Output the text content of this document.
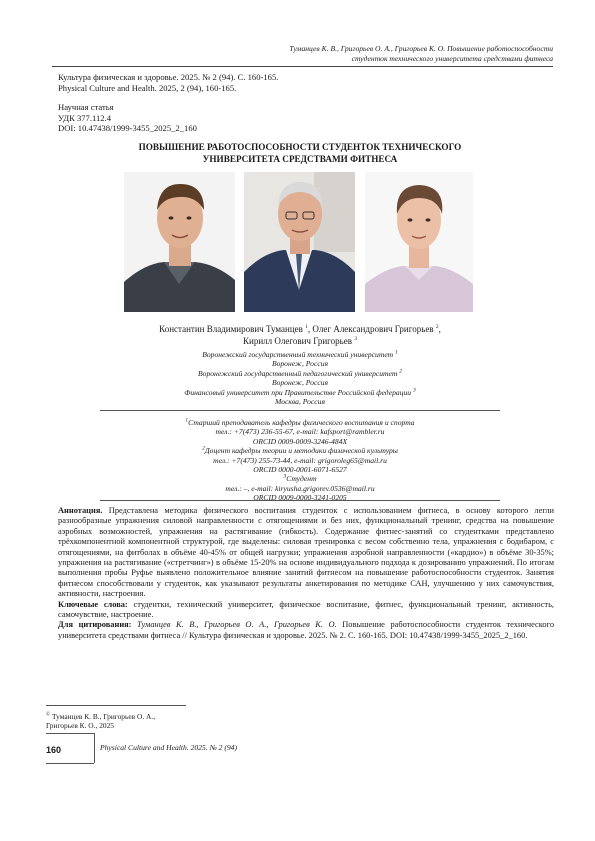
Туманцев К. В., Григорьев О. А., Григорьев К. О. Повышение работоспособности
студенток технического университета средствами фитнеса
Культура физическая и здоровье. 2025. № 2 (94). С. 160-165.
Physical Culture and Health. 2025, 2 (94), 160-165.
Научная статья
УДК 377.112.4
DOI: 10.47438/1999-3455_2025_2_160
ПОВЫШЕНИЕ РАБОТОСПОСОБНОСТИ СТУДЕНТОК ТЕХНИЧЕСКОГО
УНИВЕРСИТЕТА СРЕДСТВАМИ ФИТНЕСА
Константин Владимирович Туманцев $^1$, Олег Александрович Григорьев $^2$,
Кирилл Олегович Григорьев $^3$
Воронежский государственный технический университет $^1$
Воронеж, Россия
Воронежский государственный педагогический университет $^2$
Воронеж, Россия
Финансовый университет при Правительстве Российской федерации $^3$
Москва, Россия
$^1$Старший преподаватель кафедры физического воспитания и спорта
тел.: +7(473) 236-55-67, e-mail: kafsport@rambler.ru
ORCID 0009-0009-3246-484X
$^2$Доцент кафедры теории и методики физической культуры
тел.: +7(473) 255-73-44, e-mail: grigoroleg65@mail.ru
ORCID 0000-0001-6071-6527
$^3$Студент
тел.: –, e-mail: kiryusha.grigorev.0536@mail.ru
ORCID 0009-0000-3241-0205

Аннотация. Представлена методика физического воспитания студенток с использованием фитнеса, в основу которого легли разнообразные упражнения силовой направленности с отягощениями и без них, функциональный тренинг, средства на повышение аэробных возможностей, упражнения на растягивание (гибкость). Содержание фитнес-занятий со студентками представлено трёхкомпонентной компонентной структурой, где выделены: силовая тренировка с весом собственно тела, упражнения с бодибаром, с отягощениями, на фитболах в объёме 40-45% от общей нагрузки; упражнения аэробной направленности («кардио») в объёме 30-35%; упражнения на растягивание («стретчинг») в объёме 15-20% на основе индивидуального подхода к дозированию упражнений. По итогам выполнения пробы Руфье выявлено положительное влияние занятий фитнесом на повышение работоспособности студенток. Занятия фитнесом способствовали у студенток, как указывают результаты анкетирования по методике САН, улучшению у них самочувствия, активности, настроения.

Ключевые слова: студентки, технический университет, физическое воспитание, фитнес, функциональный тренинг, активность, самочувствие, настроение.

Для цитирования: Туманцев К. В., Григорьев О. А., Григорьев К. О. Повышение работоспособности студенток технического университета средствами фитнеса // Культура физическая и здоровье. 2025. № 2. С. 160-165. DOI: 10.47438/1999-3455_2025_2_160.

© Туманцев К. В., Григорьев О. А.,
Григорьев К. О., 2025
160	Physical Culture and Health. 2025. № 2 (94)
